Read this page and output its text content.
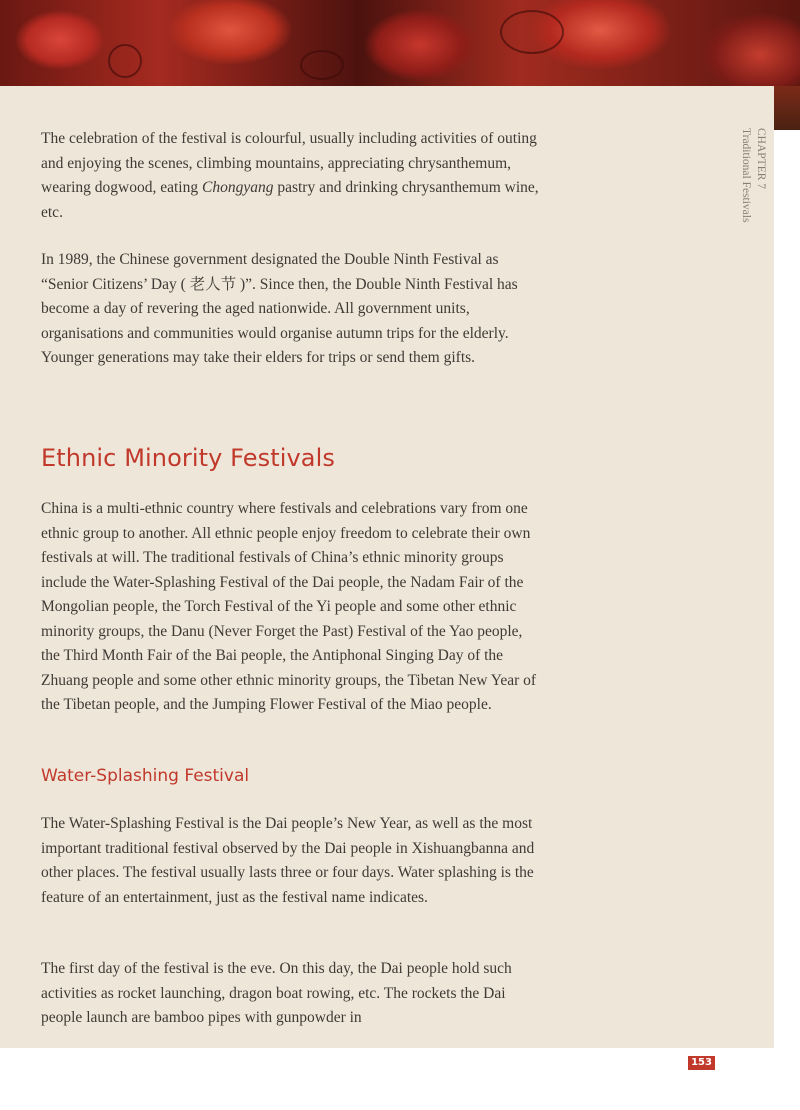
CHAPTER 7
Traditional Festivals

The celebration of the festival is colourful, usually including activities of outing and enjoying the scenes, climbing mountains, appreciating chrysanthemum, wearing dogwood, eating Chongyang pastry and drinking chrysanthemum wine, etc.

In 1989, the Chinese government designated the Double Ninth Festival as “Senior Citizens’ Day ( 老人节 )”. Since then, the Double Ninth Festival has become a day of revering the aged nationwide. All government units, organisations and communities would organise autumn trips for the elderly. Younger generations may take their elders for trips or send them gifts.

Ethnic Minority Festivals

China is a multi-ethnic country where festivals and celebrations vary from one ethnic group to another. All ethnic people enjoy freedom to celebrate their own festivals at will. The traditional festivals of China’s ethnic minority groups include the Water-Splashing Festival of the Dai people, the Nadam Fair of the Mongolian people, the Torch Festival of the Yi people and some other ethnic minority groups, the Danu (Never Forget the Past) Festival of the Yao people, the Third Month Fair of the Bai people, the Antiphonal Singing Day of the Zhuang people and some other ethnic minority groups, the Tibetan New Year of the Tibetan people, and the Jumping Flower Festival of the Miao people.

Water-Splashing Festival

The Water-Splashing Festival is the Dai people’s New Year, as well as the most important traditional festival observed by the Dai people in Xishuangbanna and other places. The festival usually lasts three or four days. Water splashing is the feature of an entertainment, just as the festival name indicates.

The first day of the festival is the eve. On this day, the Dai people hold such activities as rocket launching, dragon boat rowing, etc. The rockets the Dai people launch are bamboo pipes with gunpowder in

153
